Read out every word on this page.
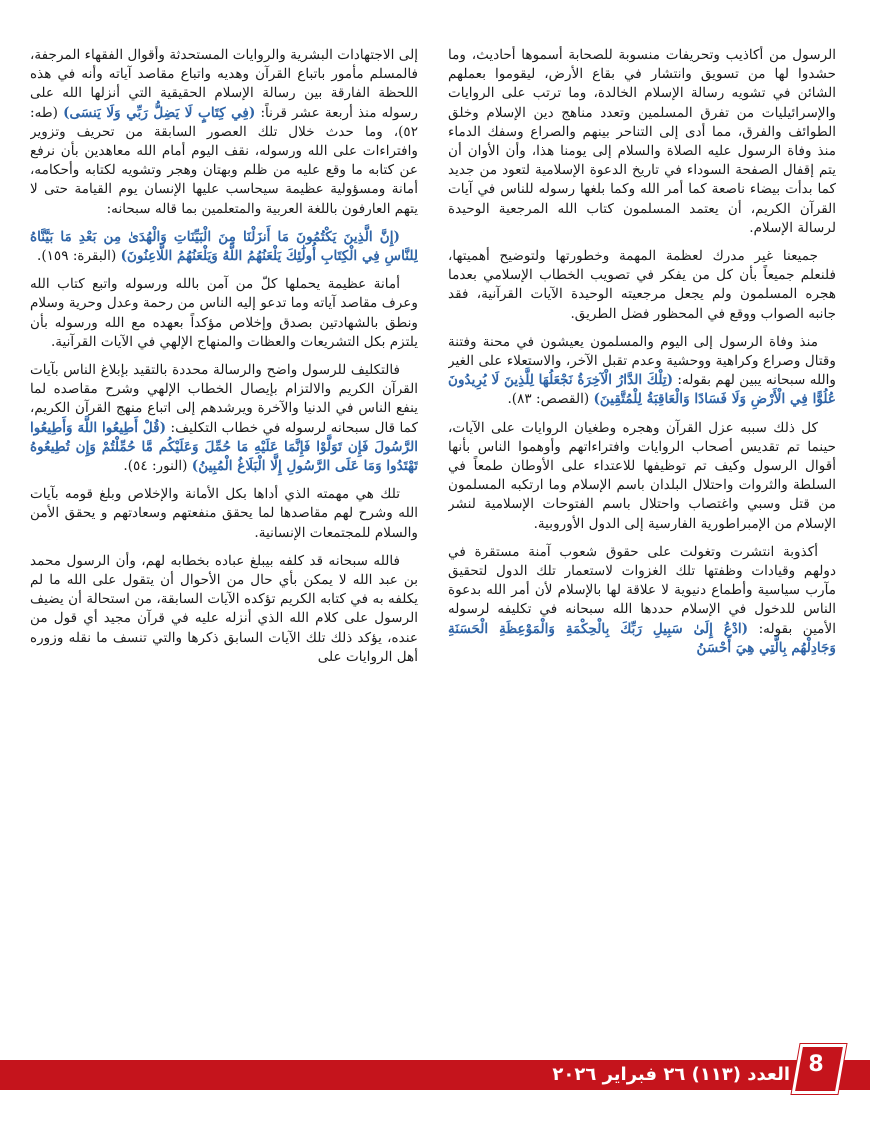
إلى الاجتهادات البشرية والروايات المستحدثة وأقوال الفقهاء المرجفة، فالمسلم مأمور باتباع القرآن وهديه واتباع مقاصد آياته وأنه في هذه اللحظة الفارقة بين رسالة الإسلام الحقيقية التي أنزلها الله على رسوله منذ أربعة عشر قرناً: (فِي كِتَابٍ لَا يَضِلُّ رَبِّي وَلَا يَنسَى) (طه: ٥٢)، وما حدث خلال تلك العصور السابقة من تحريف وتزوير وافتراءات على الله ورسوله، نقف اليوم أمام الله معاهدين بأن نرفع عن كتابه ما وقع عليه من ظلم وبهتان وهجر وتشويه لكتابه وأحكامه، أمانة ومسؤولية عظيمة سيحاسب عليها الإنسان يوم القيامة حتى لا يتهم العارفون باللغة العربية والمتعلمين بما قاله سبحانه:

(إِنَّ الَّذِينَ يَكْتُمُونَ مَا أَنزَلْنَا مِنَ الْبَيِّنَاتِ وَالْهُدَىٰ مِن بَعْدِ مَا بَيَّنَّاهُ لِلنَّاسِ فِي الْكِتَابِ أُولَٰئِكَ يَلْعَنُهُمُ اللَّهُ وَيَلْعَنُهُمُ اللَّاعِنُونَ) (البقرة: ١٥٩).

أمانة عظيمة يحملها كلّ من آمن بالله ورسوله واتبع كتاب الله وعرف مقاصد آياته وما تدعو إليه الناس من رحمة وعدل وحرية وسلام ونطق بالشهادتين بصدق وإخلاص مؤكداً بعهده مع الله ورسوله بأن يلتزم بكل التشريعات والعظات والمنهاج الإلهي في الآيات القرآنية.

فالتكليف للرسول واضح والرسالة محددة بالتقيد بإبلاغ الناس بآيات القرآن الكريم والالتزام بإيصال الخطاب الإلهي وشرح مقاصده لما ينفع الناس في الدنيا والآخرة ويرشدهم إلى اتباع منهج القرآن الكريم، كما قال سبحانه لرسوله في خطاب التكليف: (قُلْ أَطِيعُوا اللَّهَ وَأَطِيعُوا الرَّسُولَ فَإِن تَوَلَّوْا فَإِنَّمَا عَلَيْهِ مَا حُمِّلَ وَعَلَيْكُم مَّا حُمِّلْتُمْ وَإِن تُطِيعُوهُ تَهْتَدُوا وَمَا عَلَى الرَّسُولِ إِلَّا الْبَلَاغُ الْمُبِينُ) (النور: ٥٤).

تلك هي مهمته الذي أداها بكل الأمانة والإخلاص وبلغ قومه بآيات الله وشرح لهم مقاصدها لما يحقق منفعتهم وسعادتهم و يحقق الأمن والسلام للمجتمعات الإنسانية.

فالله سبحانه قد كلفه بيبلغ عباده بخطابه لهم، وأن الرسول محمد بن عبد الله لا يمكن بأي حال من الأحوال أن يتقول على الله ما لم يكلفه به في كتابه الكريم تؤكده الآيات السابقة، من استحالة أن يضيف الرسول على كلام الله الذي أنزله عليه في قرآن مجيد أي قول من عنده، يؤكد ذلك تلك الآيات السابق ذكرها والتي تنسف ما نقله وزوره أهل الروايات على

الرسول من أكاذيب وتحريفات منسوبة للصحابة أسموها أحاديث، وما حشدوا لها من تسويق وانتشار في بقاع الأرض، ليقوموا بعملهم الشائن في تشويه رسالة الإسلام الخالدة، وما ترتب على الروايات والإسرائيليات من تفرق المسلمين وتعدد مناهج دين الإسلام وخلق الطوائف والفرق، مما أدى إلى التناحر بينهم والصراع وسفك الدماء منذ وفاة الرسول عليه الصلاة والسلام إلى يومنا هذا، وأن الأوان أن يتم إقفال الصفحة السوداء في تاريخ الدعوة الإسلامية لتعود من جديد كما بدأت بيضاء ناصعة كما أمر الله وكما بلغها رسوله للناس في آيات القرآن الكريم، أن يعتمد المسلمون كتاب الله المرجعية الوحيدة لرسالة الإسلام.

جميعنا غير مدرك لعظمة المهمة وخطورتها ولتوضيح أهميتها، فلنعلم جميعاً بأن كل من يفكر في تصويب الخطاب الإسلامي بعدما هجره المسلمون ولم يجعل مرجعيته الوحيدة الآيات القرآنية، فقد جانبه الصواب ووقع في المحظور فضل الطريق.

منذ وفاة الرسول إلى اليوم والمسلمون يعيشون في محنة وفتنة وقتال وصراع وكراهية ووحشية وعدم تقبل الآخر، والاستعلاء على الغير والله سبحانه يبين لهم بقوله: (تِلْكَ الدَّارُ الْآخِرَةُ نَجْعَلُهَا لِلَّذِينَ لَا يُرِيدُونَ عُلُوًّا فِي الْأَرْضِ وَلَا فَسَادًا وَالْعَاقِبَةُ لِلْمُتَّقِينَ) (القصص: ٨٣).

كل ذلك سببه عزل القرآن وهجره وطغيان الروايات على الآيات، حينما تم تقديس أصحاب الروايات وافتراءاتهم وأوهموا الناس بأنها أقوال الرسول وكيف تم توظيفها للاعتداء على الأوطان طمعاً في السلطة والثروات واحتلال البلدان باسم الإسلام وما ارتكبه المسلمون من قتل وسبي واغتصاب واحتلال باسم الفتوحات الإسلامية لنشر الإسلام من الإمبراطورية الفارسية إلى الدول الأوروبية.

أكذوبة انتشرت وتغولت على حقوق شعوب آمنة مستقرة في دولهم وقيادات وظفتها تلك الغزوات لاستعمار تلك الدول لتحقيق مآرب سياسية وأطماع دنيوية لا علاقة لها بالإسلام لأن أمر الله بدعوة الناس للدخول في الإسلام حددها الله سبحانه في تكليفه لرسوله الأمين بقوله: (ادْعُ إِلَىٰ سَبِيلِ رَبِّكَ بِالْحِكْمَةِ وَالْمَوْعِظَةِ الْحَسَنَةِ وَجَادِلْهُم بِالَّتِي هِيَ أَحْسَنُ

العدد (١١٣) ٢٦ فبراير ٢٠٢٦ 8
